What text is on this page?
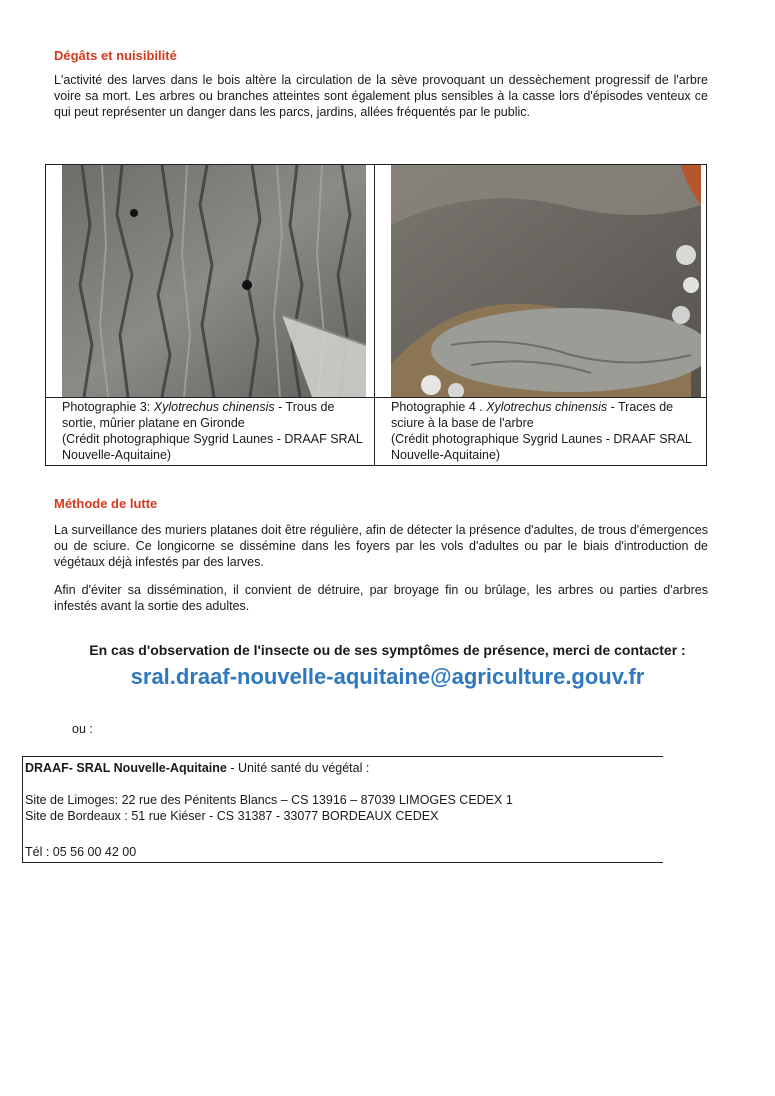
Dégâts et nuisibilité
L'activité des larves dans le bois altère la circulation de la sève provoquant un dessèchement progressif de l'arbre voire sa mort. Les arbres ou branches atteintes sont également plus sensibles à la casse lors d'épisodes venteux ce qui peut représenter un danger dans les parcs, jardins, allées fréquentés par le public.
Photographie 3: Xylotrechus chinensis - Trous de sortie, mûrier platane en Gironde
(Crédit photographique Sygrid Launes - DRAAF SRAL Nouvelle-Aquitaine)
Photographie 4 . Xylotrechus chinensis - Traces de sciure à la base de l'arbre
(Crédit photographique Sygrid Launes - DRAAF SRAL Nouvelle-Aquitaine)
Méthode de lutte
La surveillance des muriers platanes doit être régulière, afin de détecter la présence d'adultes, de trous d'émergences ou de sciure. Ce longicorne se dissémine dans les foyers par les vols d'adultes ou par le biais d'introduction de végétaux déjà infestés par des larves.
Afin d'éviter sa dissémination, il convient de détruire, par broyage fin ou brûlage, les arbres ou parties d'arbres infestés avant la sortie des adultes.
En cas d'observation de l'insecte ou de ses symptômes de présence, merci de contacter :
sral.draaf-nouvelle-aquitaine@agriculture.gouv.fr
ou :
DRAAF- SRAL Nouvelle-Aquitaine - Unité santé du végétal :
Site de Limoges: 22 rue des Pénitents Blancs – CS 13916 – 87039 LIMOGES CEDEX 1
Site de Bordeaux : 51 rue Kiéser - CS 31387 - 33077 BORDEAUX CEDEX
Tél : 05 56 00 42 00
